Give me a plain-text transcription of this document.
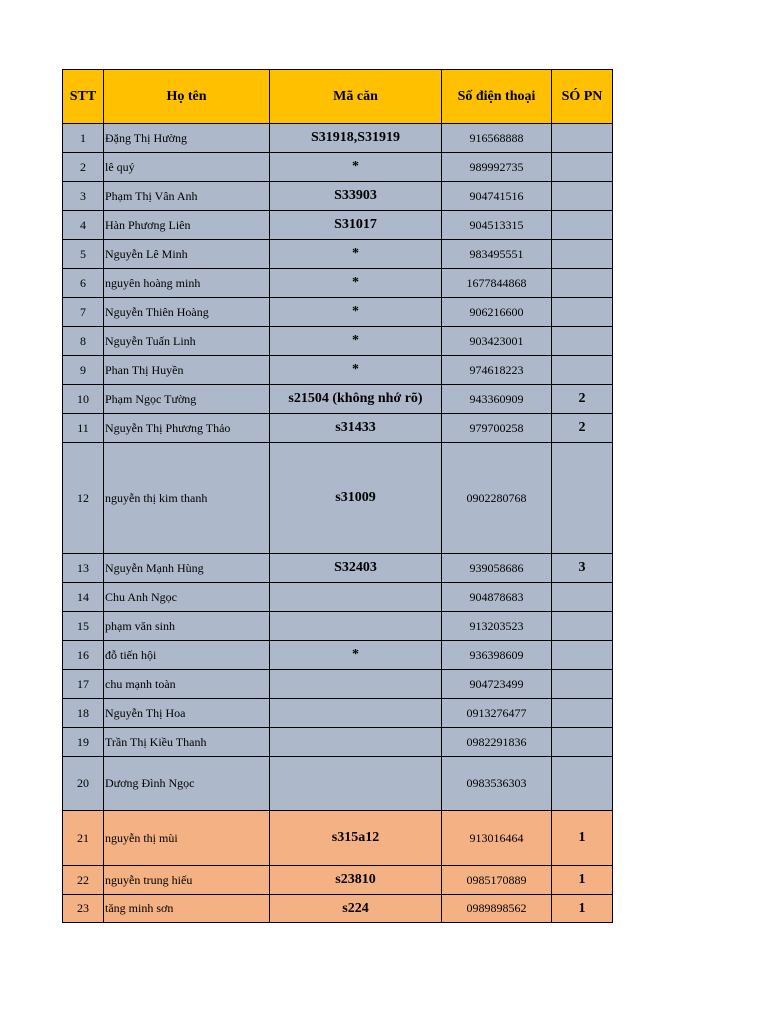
STT	Họ tên	Mã căn	Số điện thoại	SÓ PN
1	Đặng Thị Hường	S31918,S31919	916568888	
2	lê quý	*	989992735	
3	Phạm Thị Vân Anh	S33903	904741516	
4	Hàn Phương Liên	S31017	904513315	
5	Nguyễn Lê Minh	*	983495551	
6	nguyên hoàng minh	*	1677844868	
7	Nguyễn Thiên Hoàng	*	906216600	
8	Nguyễn Tuấn Linh	*	903423001	
9	Phan Thị Huyền	*	974618223	
10	Phạm Ngọc Tường	s21504 (không nhớ rõ)	943360909	2
11	Nguyễn Thị Phương Thảo	s31433	979700258	2
12	nguyễn thị kim thanh	s31009	0902280768	
13	Nguyễn Mạnh Hùng	S32403	939058686	3
14	Chu Anh Ngọc		904878683	
15	phạm văn sinh		913203523	
16	đỗ tiến hội	*	936398609	
17	chu mạnh toàn		904723499	
18	Nguyễn Thị Hoa		0913276477	
19	Trần Thị Kiều Thanh		0982291836	
20	Dương Đình Ngọc		0983536303	
21	nguyễn thị mùi	s315a12	913016464	1
22	nguyễn trung hiếu	s23810	0985170889	1
23	tăng minh sơn	s224	0989898562	1
